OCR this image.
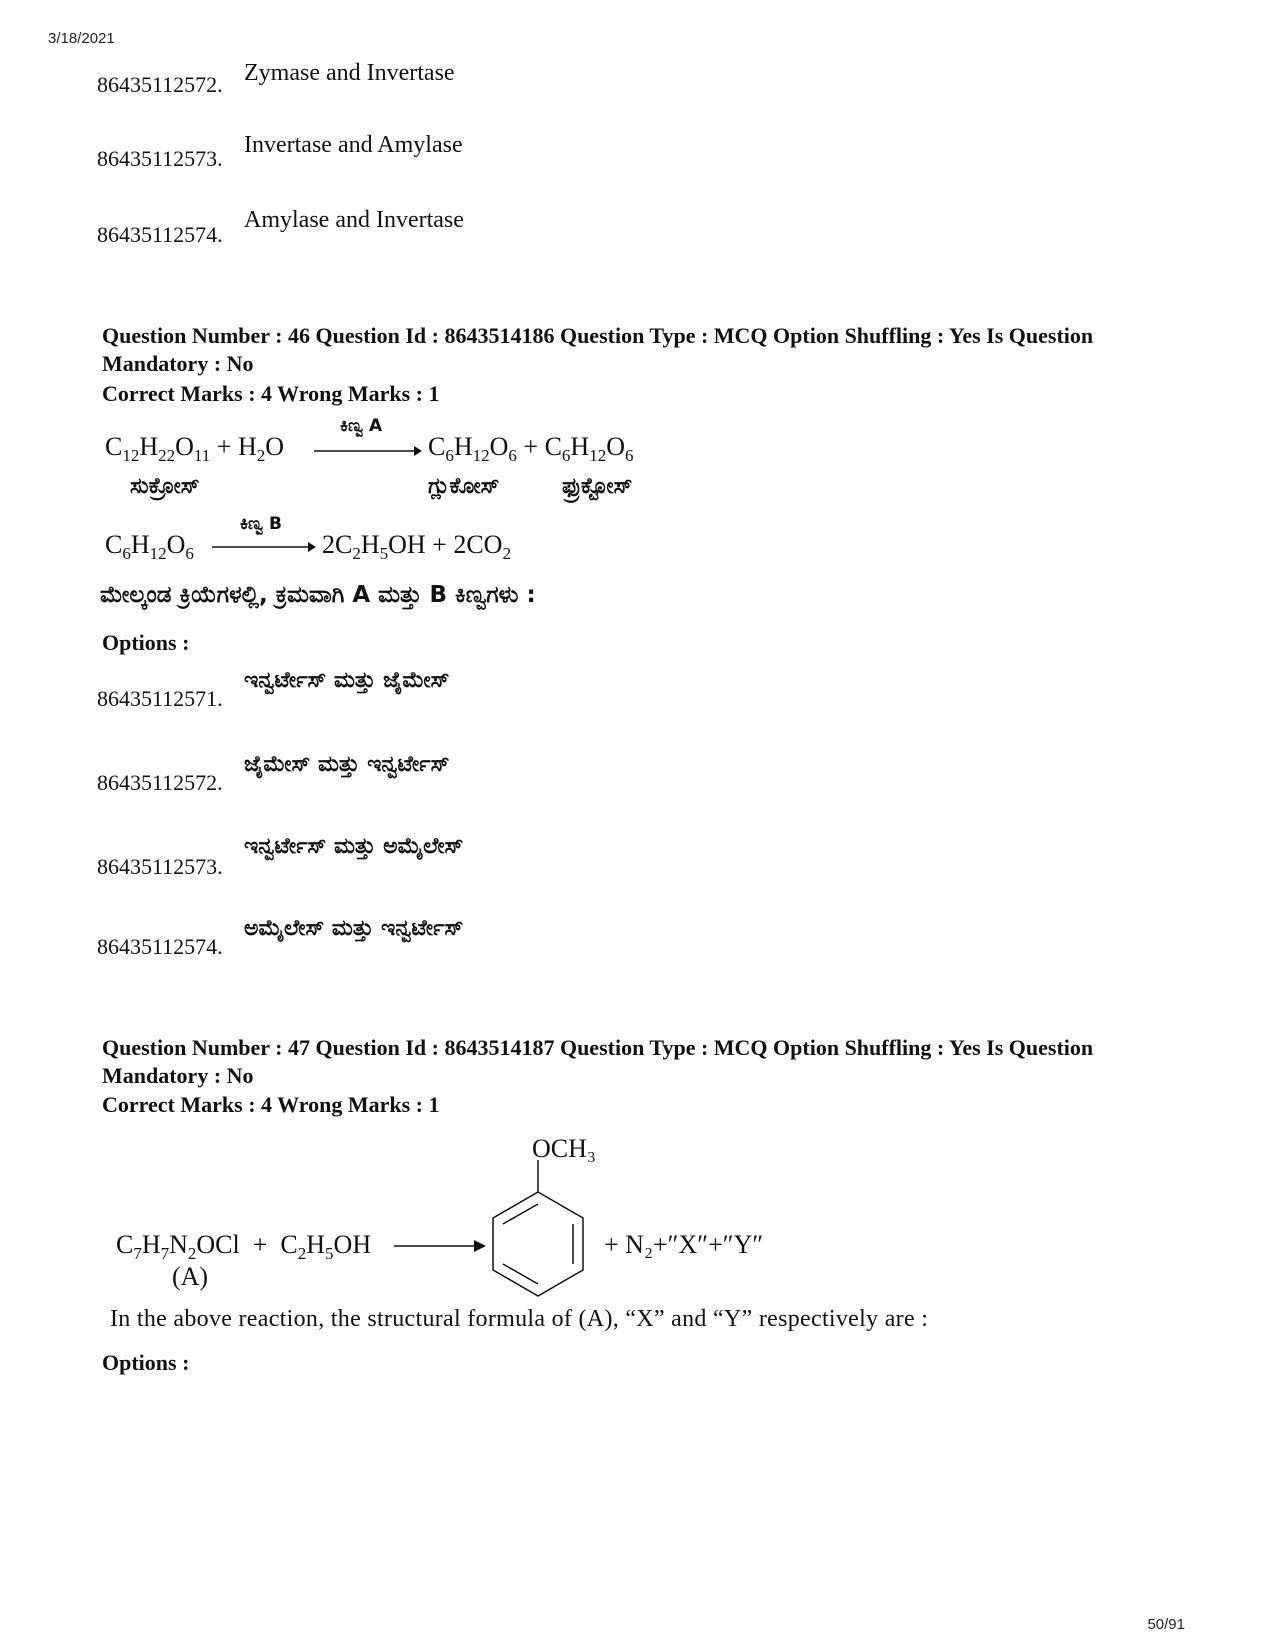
3/18/2021
86435112572. Zymase and Invertase
86435112573.
Invertase and Amylase
86435112574.
Amylase and Invertase
Question Number : 46 Question Id : 8643514186 Question Type : MCQ Option Shuffling : Yes Is Question Mandatory : No
Correct Marks : 4 Wrong Marks : 1
$C_{12}H_{22}O_{11} + H_2O$
ಕಿಣ್ವ A
$C_6H_{12}O_6 + C_6H_{12}O_6$
ಸುಕ್ರೋಸ್	ಗ್ಲುಕೋಸ್	ಫ್ರುಕ್ಟೋಸ್
$C_6H_{12}O_6$
ಕಿಣ್ವ B
$2C_2H_5OH + 2CO_2$
ಮೇಲ್ಕಂಡ ಕ್ರಿಯೆಗಳಲ್ಲಿ, ಕ್ರಮವಾಗಿ A ಮತ್ತು B ಕಿಣ್ವಗಳು :
Options :
86435112571.
ಇನ್ವರ್ಟೇಸ್ ಮತ್ತು ಜೈಮೇಸ್
86435112572.
ಜೈಮೇಸ್ ಮತ್ತು ಇನ್ವರ್ಟೇಸ್
86435112573.
ಇನ್ವರ್ಟೇಸ್ ಮತ್ತು ಅಮೈಲೇಸ್
86435112574.
ಅಮೈಲೇಸ್ ಮತ್ತು ಇನ್ವರ್ಟೇಸ್
Question Number : 47 Question Id : 8643514187 Question Type : MCQ Option Shuffling : Yes Is Question Mandatory : No
Correct Marks : 4 Wrong Marks : 1
OCH₃
$C_7H_7N_2OCl + C_2H_5OH$
(A)
+ N₂+″X″+″Y″
In the above reaction, the structural formula of (A), “X” and “Y” respectively are :
Options :
50/91
